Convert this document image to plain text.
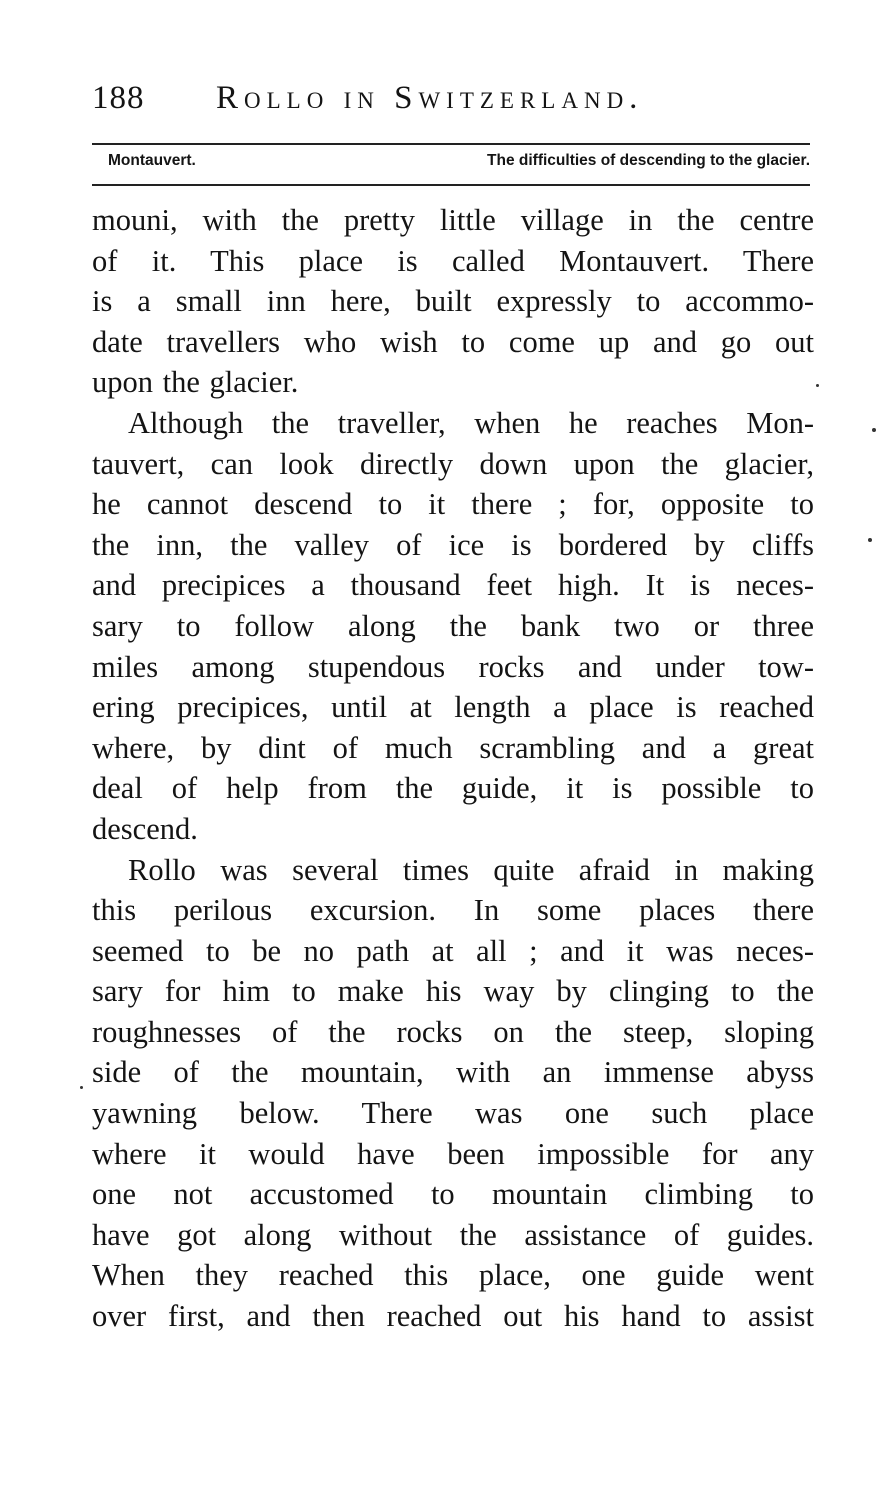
188 Rollo in Switzerland.
Montauvert.	The difficulties of descending to the glacier.
mouni, with the pretty little village in the centre
of it. This place is called Montauvert. There
is a small inn here, built expressly to accommo-
date travellers who wish to come up and go out
upon the glacier.
Although the traveller, when he reaches Mon-
tauvert, can look directly down upon the glacier,
he cannot descend to it there ; for, opposite to
the inn, the valley of ice is bordered by cliffs
and precipices a thousand feet high. It is neces-
sary to follow along the bank two or three
miles among stupendous rocks and under tow-
ering precipices, until at length a place is reached
where, by dint of much scrambling and a great
deal of help from the guide, it is possible to
descend.
Rollo was several times quite afraid in making
this perilous excursion. In some places there
seemed to be no path at all ; and it was neces-
sary for him to make his way by clinging to the
roughnesses of the rocks on the steep, sloping
side of the mountain, with an immense abyss
yawning below. There was one such place
where it would have been impossible for any
one not accustomed to mountain climbing to
have got along without the assistance of guides.
When they reached this place, one guide went
over first, and then reached out his hand to assist
